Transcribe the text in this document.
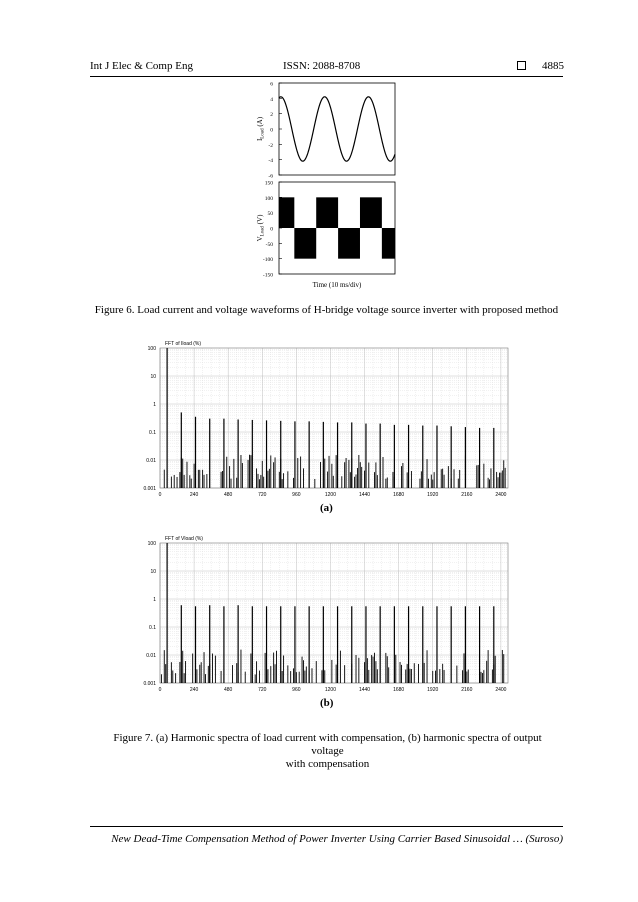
Int J Elec & Comp Eng	ISSN: 2088-8708	4885
6
4
2
0
-2
-4
-6
$I_{Load}$ (A)
150
100
50
0
-50
-100
-150
$V_{Load}$ (V)
Time (10 ms/div)
Figure 6. Load current and voltage waveforms of H-bridge voltage source inverter with proposed method
FFT of Iload (%)
100
10
1
0.1
0.01
0.001
0	240	480	720	960	1200	1440	1680	1920	2160	2400
(a)
FFT of Vload (%)
100
10
1
0.1
0.01
0.001
0	240	480	720	960	1200	1440	1680	1920	2160	2400
(b)
Figure 7. (a) Harmonic spectra of load current with compensation, (b) harmonic spectra of output voltage
with compensation
New Dead-Time Compensation Method of Power Inverter Using Carrier Based Sinusoidal … (Suroso)
